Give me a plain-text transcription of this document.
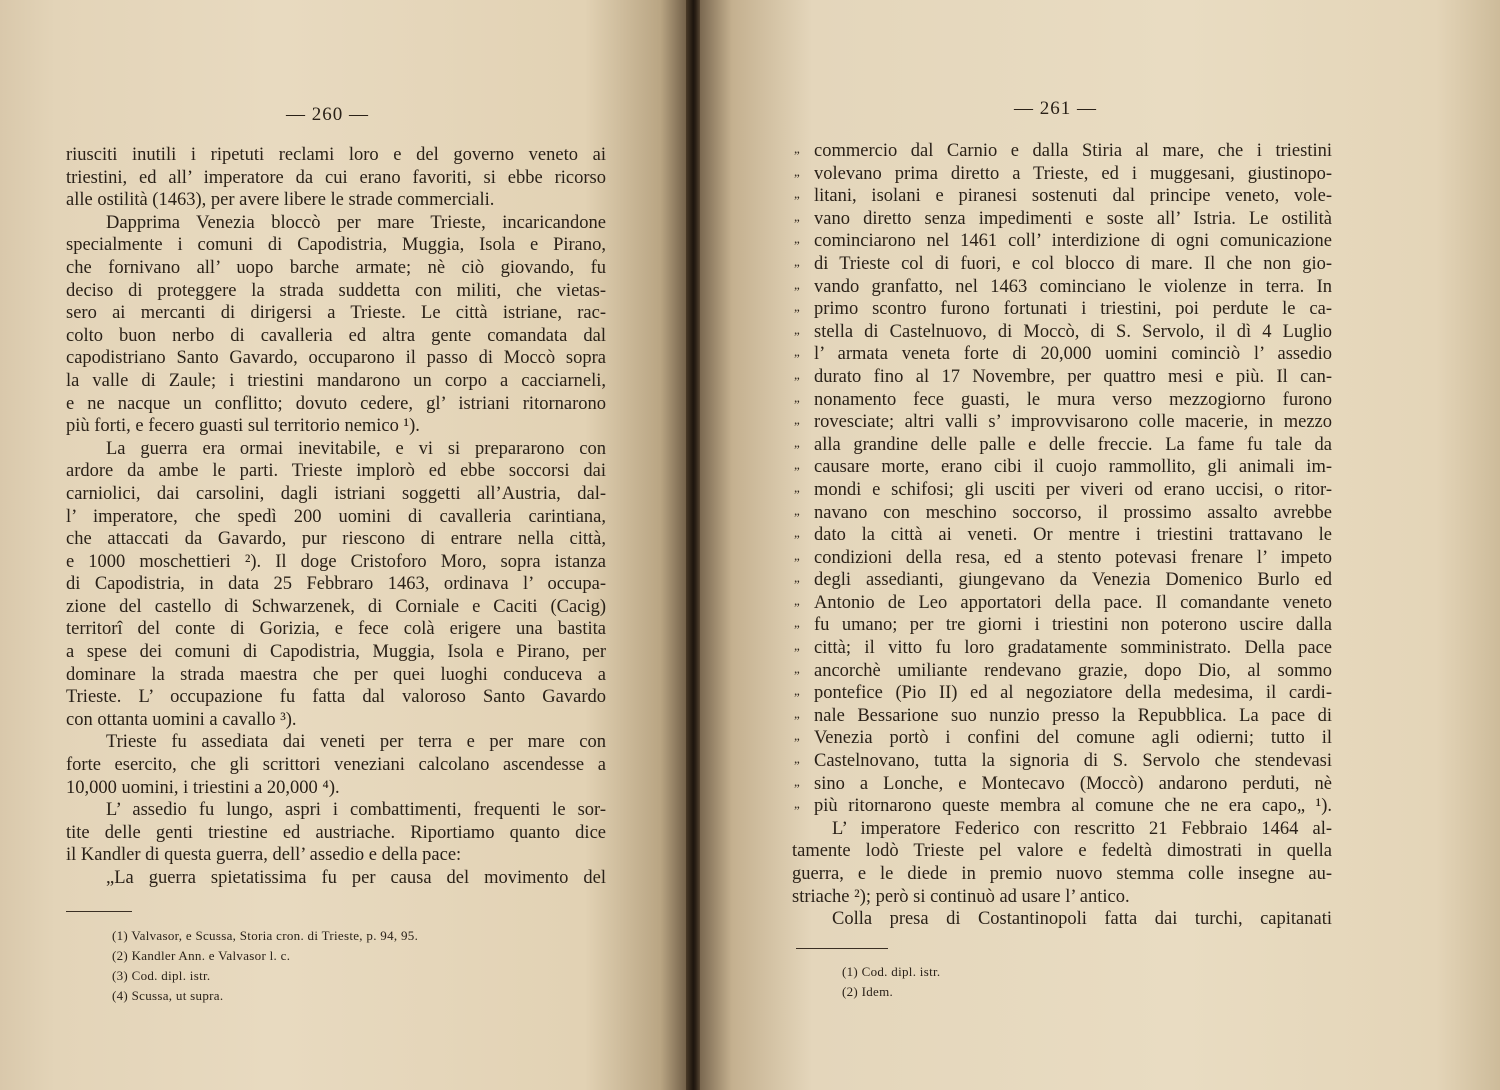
— 260 —
riusciti inutili i ripetuti reclami loro e del governo veneto ai
triestini, ed all’ imperatore da cui erano favoriti, si ebbe ricorso
alle ostilità (1463), per avere libere le strade commerciali.
Dapprima Venezia bloccò per mare Trieste, incaricandone
specialmente i comuni di Capodistria, Muggia, Isola e Pirano,
che fornivano all’ uopo barche armate; nè ciò giovando, fu
deciso di proteggere la strada suddetta con militi, che vietas-
sero ai mercanti di dirigersi a Trieste. Le città istriane, rac-
colto buon nerbo di cavalleria ed altra gente comandata dal
capodistriano Santo Gavardo, occuparono il passo di Moccò sopra
la valle di Zaule; i triestini mandarono un corpo a cacciarneli,
e ne nacque un conflitto; dovuto cedere, gl’ istriani ritornarono
più forti, e fecero guasti sul territorio nemico ¹).
La guerra era ormai inevitabile, e vi si prepararono con
ardore da ambe le parti. Trieste implorò ed ebbe soccorsi dai
carniolici, dai carsolini, dagli istriani soggetti all’Austria, dal-
l’ imperatore, che spedì 200 uomini di cavalleria carintiana,
che attaccati da Gavardo, pur riescono di entrare nella città,
e 1000 moschettieri ²). Il doge Cristoforo Moro, sopra istanza
di Capodistria, in data 25 Febbraro 1463, ordinava l’ occupa-
zione del castello di Schwarzenek, di Corniale e Caciti (Cacig)
territorî del conte di Gorizia, e fece colà erigere una bastita
a spese dei comuni di Capodistria, Muggia, Isola e Pirano, per
dominare la strada maestra che per quei luoghi conduceva a
Trieste. L’ occupazione fu fatta dal valoroso Santo Gavardo
con ottanta uomini a cavallo ³).
Trieste fu assediata dai veneti per terra e per mare con
forte esercito, che gli scrittori veneziani calcolano ascendesse a
10,000 uomini, i triestini a 20,000 ⁴).
L’ assedio fu lungo, aspri i combattimenti, frequenti le sor-
tite delle genti triestine ed austriache. Riportiamo quanto dice
il Kandler di questa guerra, dell’ assedio e della pace:
„La guerra spietatissima fu per causa del movimento del
(1) Valvasor, e Scussa, Storia cron. di Trieste, p. 94, 95.
(2) Kandler Ann. e Valvasor l. c.
(3) Cod. dipl. istr.
(4) Scussa, ut supra.
— 261 —
„ commercio dal Carnio e dalla Stiria al mare, che i triestini
„ volevano prima diretto a Trieste, ed i muggesani, giustinopo-
„ litani, isolani e piranesi sostenuti dal principe veneto, vole-
„ vano diretto senza impedimenti e soste all’ Istria. Le ostilità
„ cominciarono nel 1461 coll’ interdizione di ogni comunicazione
„ di Trieste col di fuori, e col blocco di mare. Il che non gio-
„ vando granfatto, nel 1463 cominciano le violenze in terra. In
„ primo scontro furono fortunati i triestini, poi perdute le ca-
„ stella di Castelnuovo, di Moccò, di S. Servolo, il dì 4 Luglio
„ l’ armata veneta forte di 20,000 uomini cominciò l’ assedio
„ durato fino al 17 Novembre, per quattro mesi e più. Il can-
„ nonamento fece guasti, le mura verso mezzogiorno furono
„ rovesciate; altri valli s’ improvvisarono colle macerie, in mezzo
„ alla grandine delle palle e delle freccie. La fame fu tale da
„ causare morte, erano cibi il cuojo rammollito, gli animali im-
„ mondi e schifosi; gli usciti per viveri od erano uccisi, o ritor-
„ navano con meschino soccorso, il prossimo assalto avrebbe
„ dato la città ai veneti. Or mentre i triestini trattavano le
„ condizioni della resa, ed a stento potevasi frenare l’ impeto
„ degli assedianti, giungevano da Venezia Domenico Burlo ed
„ Antonio de Leo apportatori della pace. Il comandante veneto
„ fu umano; per tre giorni i triestini non poterono uscire dalla
„ città; il vitto fu loro gradatamente somministrato. Della pace
„ ancorchè umiliante rendevano grazie, dopo Dio, al sommo
„ pontefice (Pio II) ed al negoziatore della medesima, il cardi-
„ nale Bessarione suo nunzio presso la Repubblica. La pace di
„ Venezia portò i confini del comune agli odierni; tutto il
„ Castelnovano, tutta la signoria di S. Servolo che stendevasi
„ sino a Lonche, e Montecavo (Moccò) andarono perduti, nè
„ più ritornarono queste membra al comune che ne era capo„ ¹).
L’ imperatore Federico con rescritto 21 Febbraio 1464 al-
tamente lodò Trieste pel valore e fedeltà dimostrati in quella
guerra, e le diede in premio nuovo stemma colle insegne au-
striache ²); però si continuò ad usare l’ antico.
Colla presa di Costantinopoli fatta dai turchi, capitanati
(1) Cod. dipl. istr.
(2) Idem.
